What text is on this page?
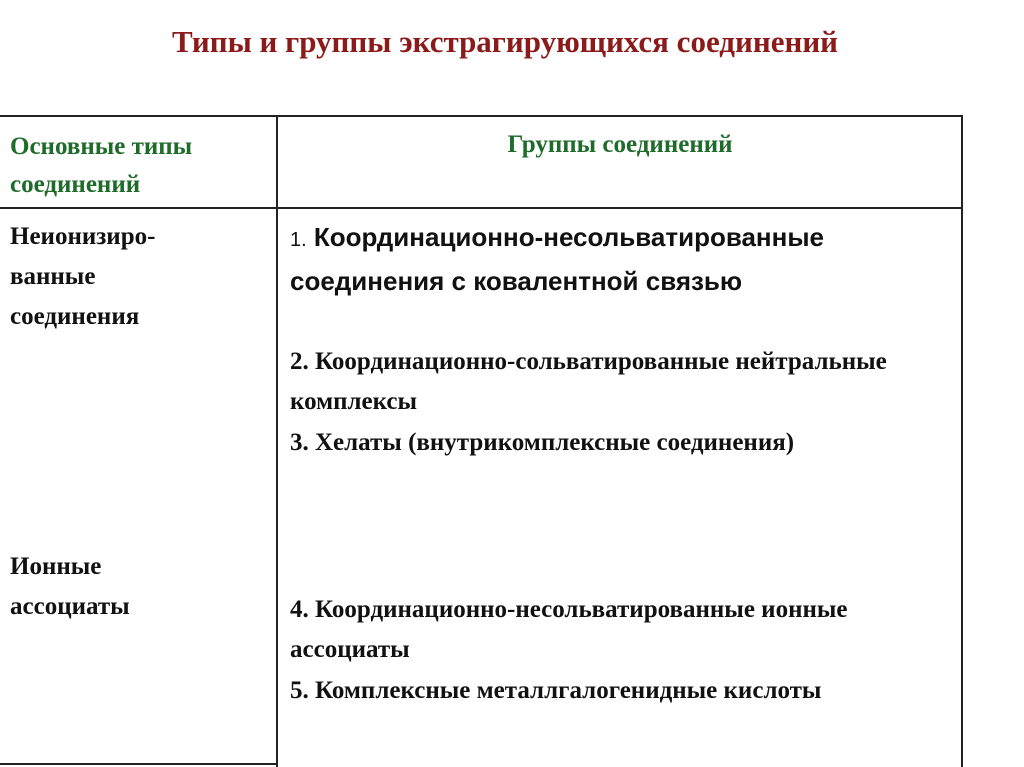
Типы и группы экстрагирующихся соединений
Основные типы соединений
Группы соединений
Неионизиро-
ванные
соединения
Ионные
ассоциаты
1. Координационно-несольватированные соединения с ковалентной связью
2. Координационно-сольватированные нейтральные комплексы
3. Хелаты (внутрикомплексные соединения)
4. Координационно-несольватированные ионные ассоциаты
5. Комплексные металлгалогенидные кислоты
